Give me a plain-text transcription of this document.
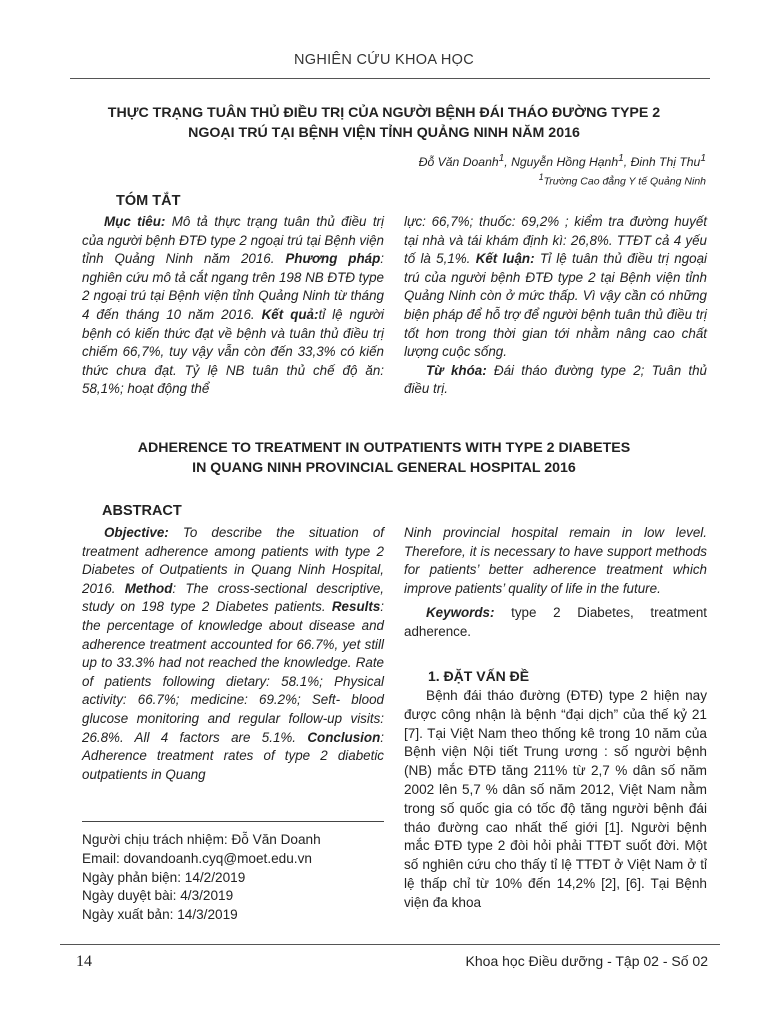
NGHIÊN CỨU KHOA HỌC
THỰC TRẠNG TUÂN THỦ ĐIỀU TRỊ CỦA NGƯỜI BỆNH ĐÁI THÁO ĐƯỜNG TYPE 2
NGOẠI TRÚ TẠI BỆNH VIỆN TỈNH QUẢNG NINH NĂM 2016
Đỗ Văn Doanh$^1$, Nguyễn Hồng Hạnh$^1$, Đinh Thị Thu$^1$
$^1$Trường Cao đẳng Y tế Quảng Ninh
TÓM TẮT

Mục tiêu: Mô tả thực trạng tuân thủ điều trị của người bệnh ĐTĐ type 2 ngoại trú tại Bệnh viện tỉnh Quảng Ninh năm 2016. Phương pháp: nghiên cứu mô tả cắt ngang trên 198 NB ĐTĐ type 2 ngoại trú tại Bệnh viện tỉnh Quảng Ninh từ tháng 4 đến tháng 10 năm 2016. Kết quả:tỉ lệ người bệnh có kiến thức đạt về bệnh và tuân thủ điều trị chiếm 66,7%, tuy vậy vẫn còn đến 33,3% có kiến thức chưa đạt. Tỷ lệ NB tuân thủ chế độ ăn: 58,1%; hoạt động thể

lực: 66,7%; thuốc: 69,2% ; kiểm tra đường huyết tại nhà và tái khám định kì: 26,8%. TTĐT cả 4 yếu tố là 5,1%. Kết luận: Tỉ lệ tuân thủ điều trị ngoại trú của người bệnh ĐTĐ type 2 tại Bệnh viện tỉnh Quảng Ninh còn ở mức thấp. Vì vậy cần có những biện pháp để hỗ trợ để người bệnh tuân thủ điều trị tốt hơn trong thời gian tới nhằm nâng cao chất lượng cuộc sống.

Từ khóa: Đái tháo đường type 2; Tuân thủ điều trị.

ADHERENCE TO TREATMENT IN OUTPATIENTS WITH TYPE 2 DIABETES
IN QUANG NINH PROVINCIAL GENERAL HOSPITAL 2016
ABSTRACT

Objective: To describe the situation of treatment adherence among patients with type 2 Diabetes of Outpatients in Quang Ninh Hospital, 2016. Method: The cross-sectional descriptive, study on 198 type 2 Diabetes patients. Results: the percentage of knowledge about disease and adherence treatment accounted for 66.7%, yet still up to 33.3% had not reached the knowledge. Rate of patients following dietary: 58.1%; Physical activity: 66.7%; medicine: 69.2%; Seft- blood glucose monitoring and regular follow-up visits: 26.8%. All 4 factors are 5.1%. Conclusion: Adherence treatment rates of type 2 diabetic outpatients in Quang

Ninh provincial hospital remain in low level. Therefore, it is necessary to have support methods for patients’ better adherence treatment which improve patients’ quality of life in the future.

Keywords: type 2 Diabetes, treatment adherence.

1. ĐẶT VẤN ĐỀ

Bệnh đái tháo đường (ĐTĐ) type 2 hiện nay được công nhận là bệnh “đại dịch” của thế kỷ 21 [7]. Tại Việt Nam theo thống kê trong 10 năm của Bệnh viện Nội tiết Trung ương : số người bệnh (NB) mắc ĐTĐ tăng 211% từ 2,7 % dân số năm 2002 lên 5,7 % dân số năm 2012, Việt Nam nằm trong số quốc gia có tốc độ tăng người bệnh đái tháo đường cao nhất thế giới [1]. Người bệnh mắc ĐTĐ type 2 đòi hỏi phải TTĐT suốt đời. Một số nghiên cứu cho thấy tỉ lệ TTĐT ở Việt Nam ở tỉ lệ thấp chỉ từ 10% đến 14,2% [2], [6]. Tại Bệnh viện đa khoa

Người chịu trách nhiệm: Đỗ Văn Doanh
Email: dovandoanh.cyq@moet.edu.vn
Ngày phản biện: 14/2/2019
Ngày duyệt bài: 4/3/2019
Ngày xuất bản: 14/3/2019
14	Khoa học Điều dưỡng - Tập 02 - Số 02
